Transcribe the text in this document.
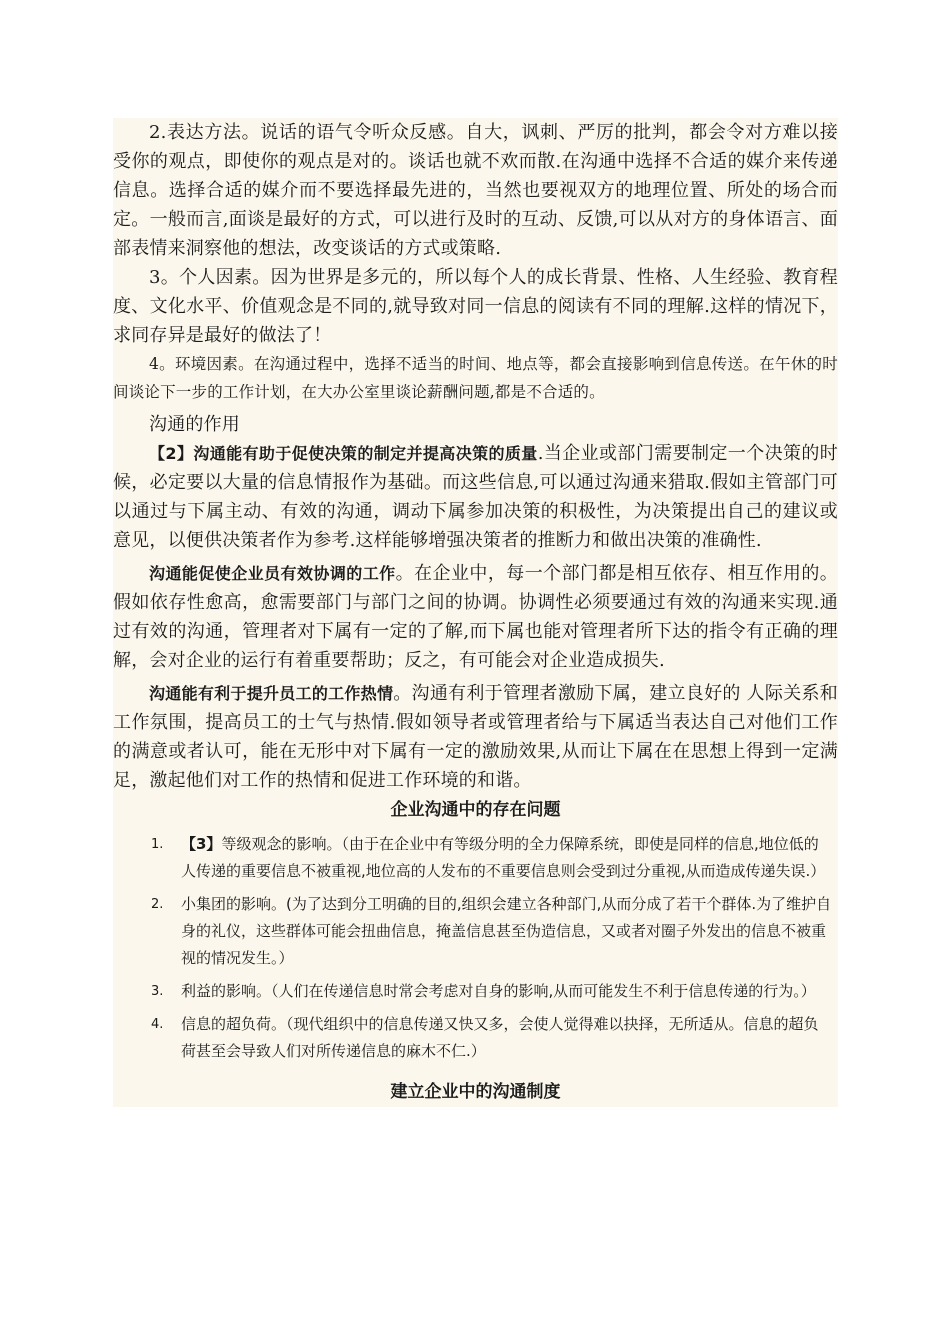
2.表达方法。说话的语气令听众反感。自大，讽刺、严厉的批判，都会令对方难以接受你的观点，即使你的观点是对的。谈话也就不欢而散.在沟通中选择不合适的媒介来传递信息。选择合适的媒介而不要选择最先进的，当然也要视双方的地理位置、所处的场合而定。一般而言,面谈是最好的方式，可以进行及时的互动、反馈,可以从对方的身体语言、面部表情来洞察他的想法，改变谈话的方式或策略.

3。个人因素。因为世界是多元的，所以每个人的成长背景、性格、人生经验、教育程度、文化水平、价值观念是不同的,就导致对同一信息的阅读有不同的理解.这样的情况下，求同存异是最好的做法了！

4。环境因素。在沟通过程中，选择不适当的时间、地点等，都会直接影响到信息传送。在午休的时间谈论下一步的工作计划，在大办公室里谈论薪酬问题,都是不合适的。

沟通的作用

【2】沟通能有助于促使决策的制定并提高决策的质量.当企业或部门需要制定一个决策的时候，必定要以大量的信息情报作为基础。而这些信息,可以通过沟通来猎取.假如主管部门可以通过与下属主动、有效的沟通，调动下属参加决策的积极性，为决策提出自己的建议或意见，以便供决策者作为参考.这样能够增强决策者的推断力和做出决策的准确性.

沟通能促使企业员有效协调的工作。在企业中，每一个部门都是相互依存、相互作用的。假如依存性愈高，愈需要部门与部门之间的协调。协调性必须要通过有效的沟通来实现.通过有效的沟通，管理者对下属有一定的了解,而下属也能对管理者所下达的指令有正确的理解，会对企业的运行有着重要帮助；反之，有可能会对企业造成损失.

沟通能有利于提升员工的工作热情。沟通有利于管理者激励下属，建立良好的 人际关系和工作氛围，提高员工的士气与热情.假如领导者或管理者给与下属适当表达自己对他们工作的满意或者认可，能在无形中对下属有一定的激励效果,从而让下属在在思想上得到一定满足，激起他们对工作的热情和促进工作环境的和谐。

企业沟通中的存在问题
1.	【3】等级观念的影响。（由于在企业中有等级分明的全力保障系统，即使是同样的信息,地位低的人传递的重要信息不被重视,地位高的人发布的不重要信息则会受到过分重视,从而造成传递失误.）
2.	小集团的影响。(为了达到分工明确的目的,组织会建立各种部门,从而分成了若干个群体.为了维护自身的礼仪，这些群体可能会扭曲信息，掩盖信息甚至伪造信息，又或者对圈子外发出的信息不被重视的情况发生。）
3.	利益的影响。（人们在传递信息时常会考虑对自身的影响,从而可能发生不利于信息传递的行为。）
4.	信息的超负荷。（现代组织中的信息传递又快又多，会使人觉得难以抉择，无所适从。信息的超负荷甚至会导致人们对所传递信息的麻木不仁.）
建立企业中的沟通制度
